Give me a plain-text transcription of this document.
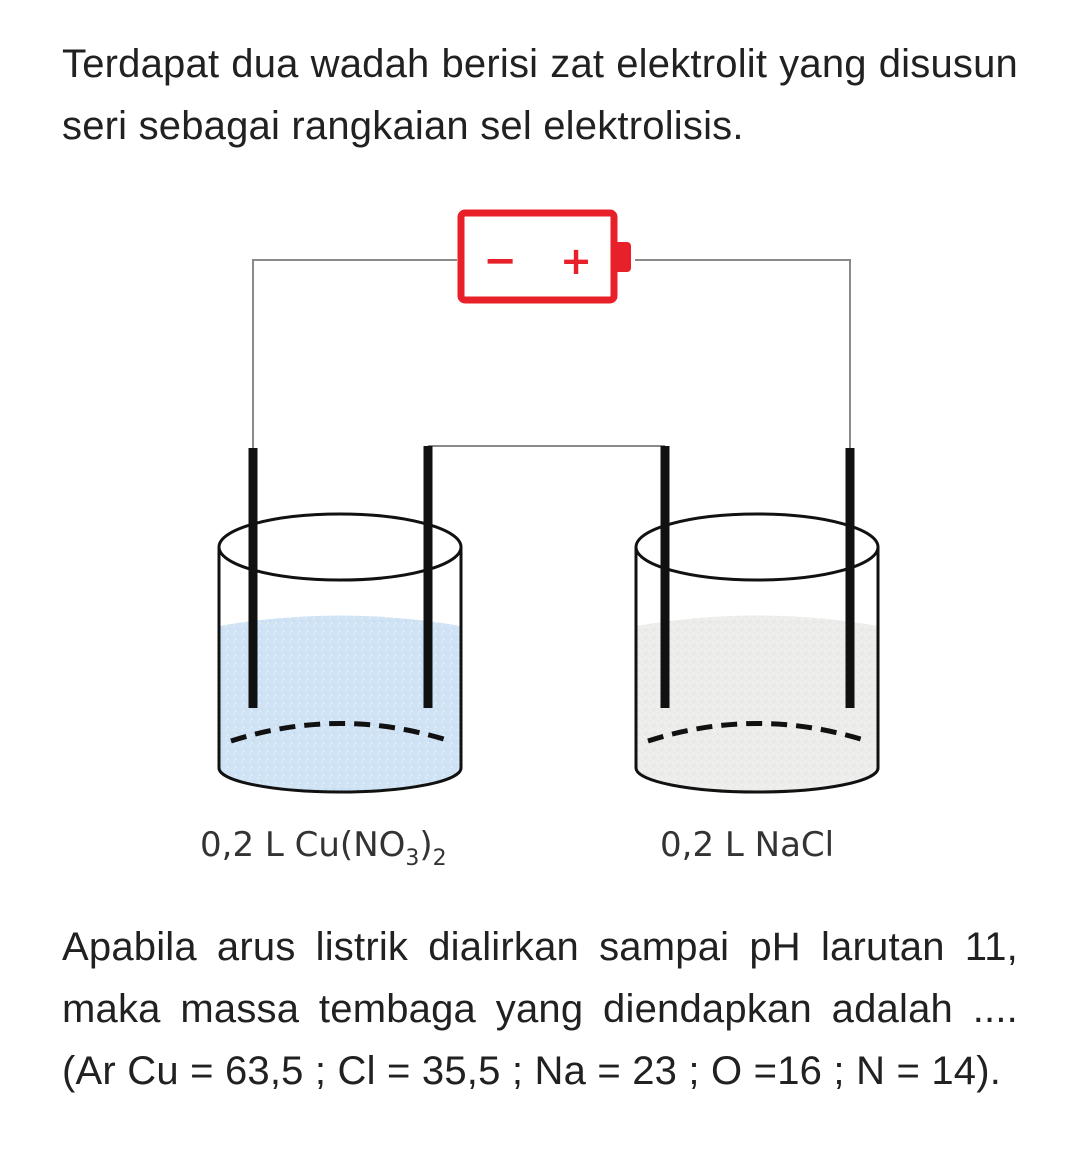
Terdapat dua wadah berisi zat elektrolit yang disusun seri sebagai rangkaian sel elektrolisis.

− +
0,2 L $Cu(NO_3)_2$	0,2 L NaCl

Apabila arus listrik dialirkan sampai pH larutan 11, maka massa tembaga yang diendapkan adalah .... (Ar Cu = 63,5 ; Cl = 35,5 ; Na = 23 ; O =16 ; N = 14).
